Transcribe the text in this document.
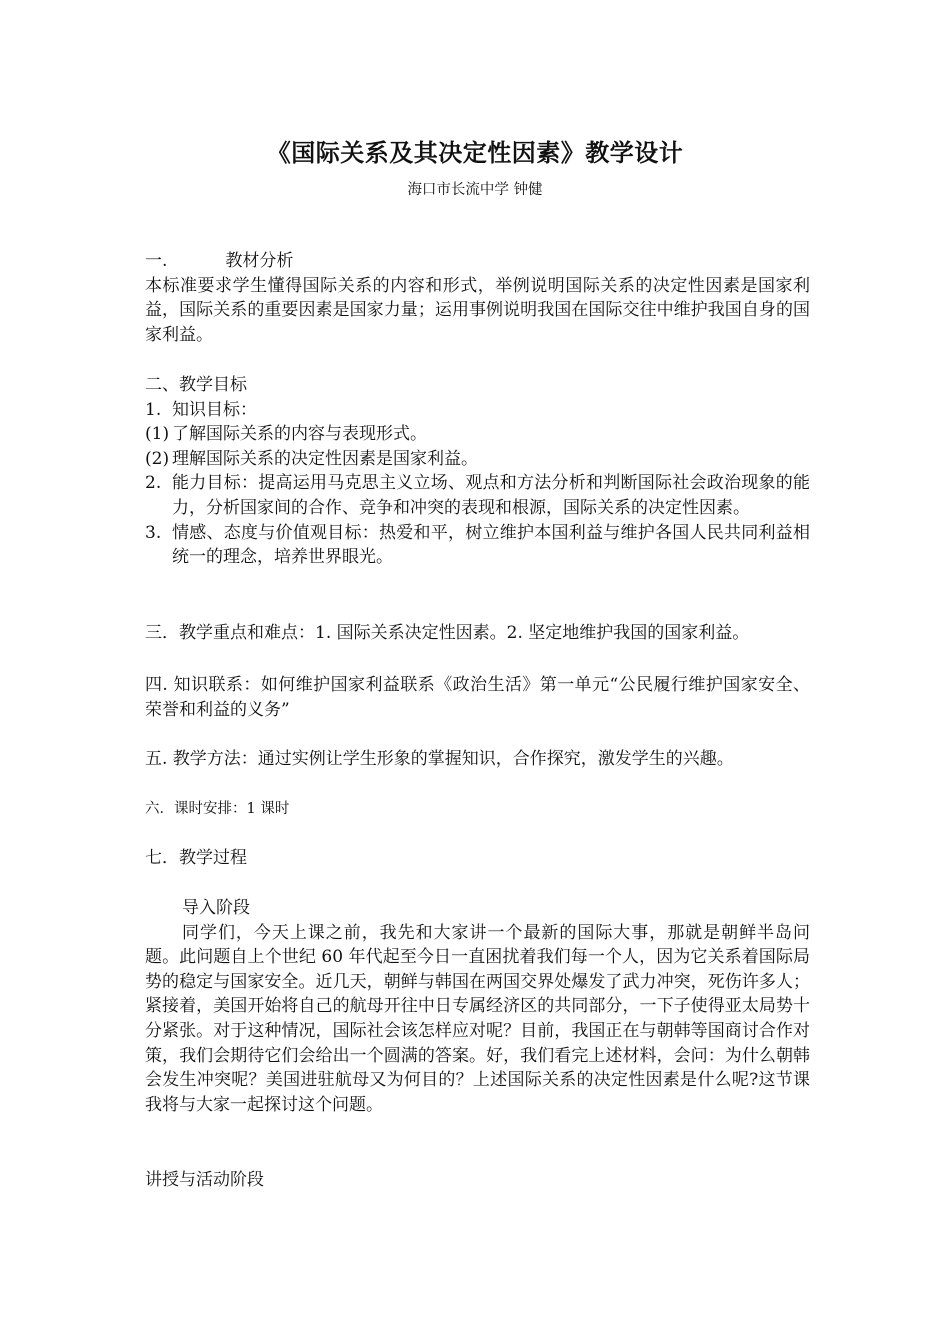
《国际关系及其决定性因素》教学设计
海口市长流中学 钟健
一.	教材分析
本标准要求学生懂得国际关系的内容和形式，举例说明国际关系的决定性因素是国家利益，国际关系的重要因素是国家力量；运用事例说明我国在国际交往中维护我国自身的国家利益。
二、教学目标
1. 知识目标：
(1) 了解国际关系的内容与表现形式。
(2) 理解国际关系的决定性因素是国家利益。
2. 能力目标：提高运用马克思主义立场、观点和方法分析和判断国际社会政治现象的能力，分析国家间的合作、竞争和冲突的表现和根源，国际关系的决定性因素。
3. 情感、态度与价值观目标：热爱和平，树立维护本国利益与维护各国人民共同利益相统一的理念，培养世界眼光。
三．教学重点和难点：1. 国际关系决定性因素。2. 坚定地维护我国的国家利益。
四. 知识联系：如何维护国家利益联系《政治生活》第一单元“公民履行维护国家安全、荣誉和利益的义务”
五. 教学方法：通过实例让学生形象的掌握知识，合作探究，激发学生的兴趣。
六．课时安排：1 课时
七．教学过程
导入阶段
同学们，今天上课之前，我先和大家讲一个最新的国际大事，那就是朝鲜半岛问题。此问题自上个世纪 60 年代起至今日一直困扰着我们每一个人，因为它关系着国际局势的稳定与国家安全。近几天，朝鲜与韩国在两国交界处爆发了武力冲突，死伤许多人；紧接着，美国开始将自己的航母开往中日专属经济区的共同部分，一下子使得亚太局势十分紧张。对于这种情况，国际社会该怎样应对呢？目前，我国正在与朝韩等国商讨合作对策，我们会期待它们会给出一个圆满的答案。好，我们看完上述材料，会问：为什么朝韩会发生冲突呢？美国进驻航母又为何目的？上述国际关系的决定性因素是什么呢?这节课我将与大家一起探讨这个问题。
讲授与活动阶段
